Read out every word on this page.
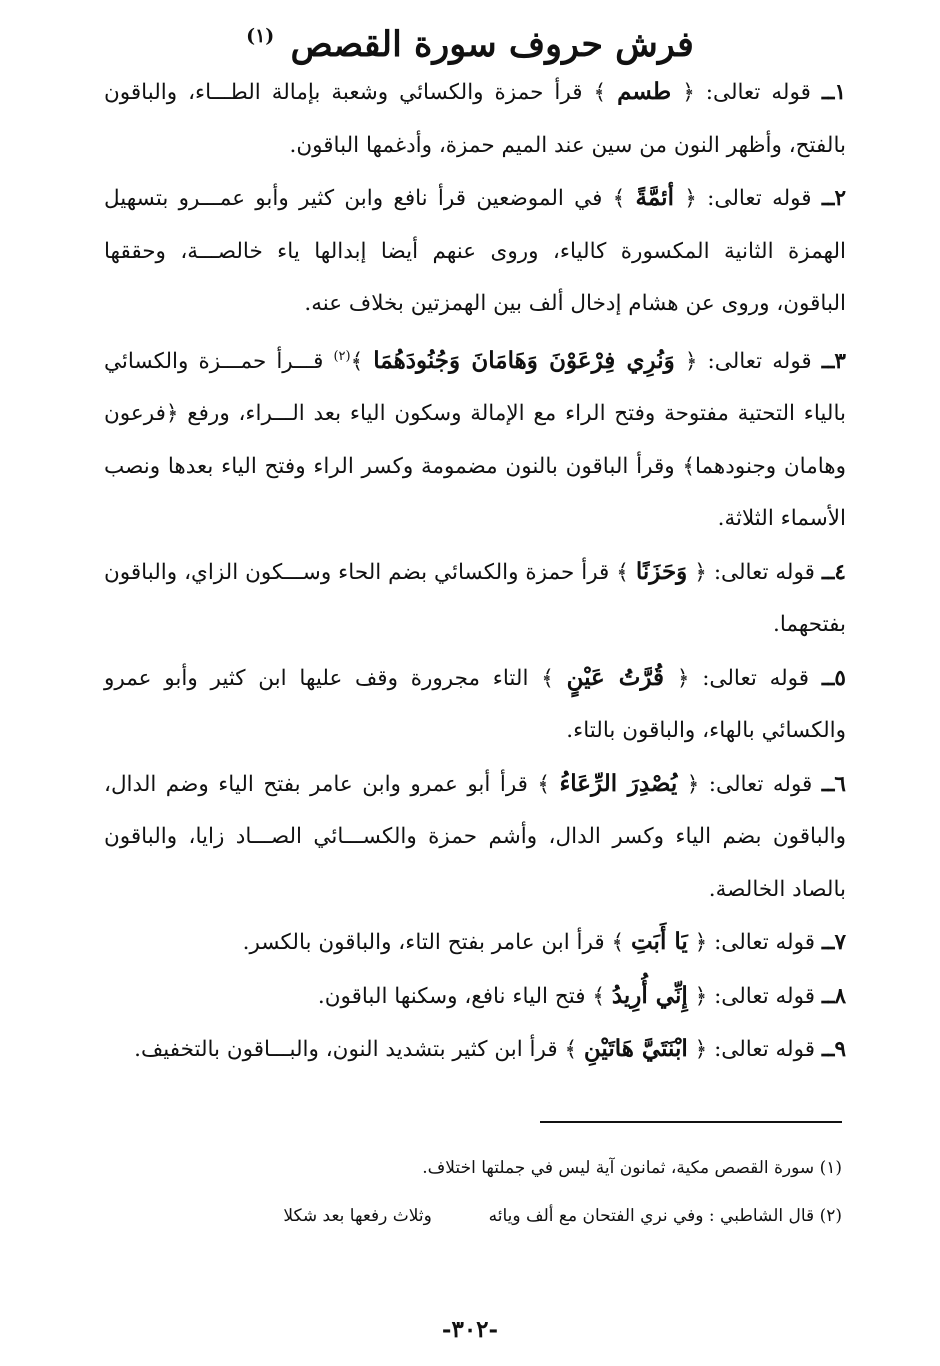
فرش حروف سورة القصص $^{(١)}$

١ــ قوله تعالى: ﴿ طسم ﴾ قرأ حمزة والكسائي وشعبة بإمالة الطـــاء، والباقون بالفتح، وأظهر النون من سين عند الميم حمزة، وأدغمها الباقون.

٢ــ قوله تعالى: ﴿ أئمَّةً ﴾ في الموضعين قرأ نافع وابن كثير وأبو عمـــرو بتسهيل الهمزة الثانية المكسورة كالياء، وروى عنهم أيضا إبدالها ياء خالصـــة، وحققها الباقون، وروى عن هشام إدخال ألف بين الهمزتين بخلاف عنه.

٣ــ قوله تعالى: ﴿ وَنُرِي فِرْعَوْنَ وَهَامَانَ وَجُنُودَهُمَا ﴾$^{(٢)}$ قـــرأ حمـــزة والكسائي بالياء التحتية مفتوحة وفتح الراء مع الإمالة وسكون الياء بعد الـــراء، ورفع ﴿فرعون وهامان وجنودهما﴾ وقرأ الباقون بالنون مضمومة وكسر الراء وفتح الياء بعدها ونصب الأسماء الثلاثة.

٤ــ قوله تعالى: ﴿ وَحَزَنًا ﴾ قرأ حمزة والكسائي بضم الحاء وســـكون الزاي، والباقون بفتحهما.

٥ــ قوله تعالى: ﴿ قُرَّتُ عَيْنٍ ﴾ التاء مجرورة وقف عليها ابن كثير وأبو عمرو والكسائي بالهاء، والباقون بالتاء.

٦ــ قوله تعالى: ﴿ يُصْدِرَ الرِّعَاءُ ﴾ قرأ أبو عمرو وابن عامر بفتح الياء وضم الدال، والباقون بضم الياء وكسر الدال، وأشم حمزة والكســـائي الصـــاد زايا، والباقون بالصاد الخالصة.

٧ــ قوله تعالى: ﴿ يَا أَبَتِ ﴾ قرأ ابن عامر بفتح التاء، والباقون بالكسر.

٨ــ قوله تعالى: ﴿ إِنِّي أُرِيدُ ﴾ فتح الياء نافع، وسكنها الباقون.

٩ــ قوله تعالى: ﴿ ابْنَتَيَّ هَاتَيْنِ ﴾ قرأ ابن كثير بتشديد النون، والبـــاقون بالتخفيف.

(١) سورة القصص مكية، ثمانون آية ليس في جملتها اختلاف.

(٢) قال الشاطبي : وفي نري الفتحان مع ألف ويائه  وثلاث رفعها بعد شكلا

-٣٠٢-
